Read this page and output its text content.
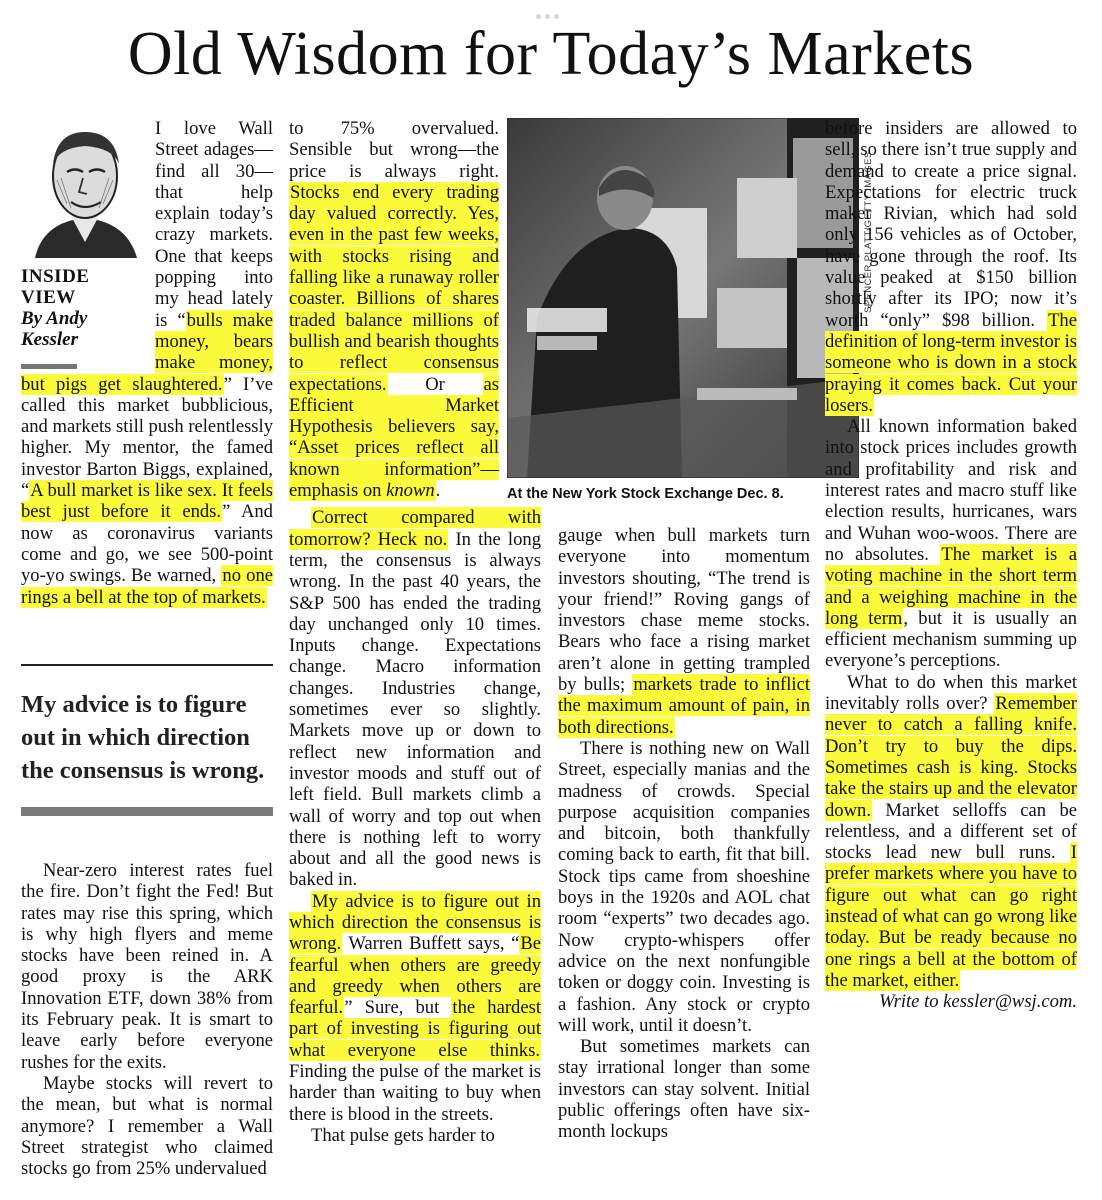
Old Wisdom for Today’s Markets
INSIDE
VIEW
By Andy
Kessler

I love Wall Street adages—find all 30—that help explain today’s crazy markets. One that keeps popping into my head lately is “bulls make money, bears make money, but pigs get slaughtered.” I’ve called this market bubblicious, and markets still push relentlessly higher. My mentor, the famed investor Barton Biggs, explained, “A bull market is like sex. It feels best just before it ends.” And now as coronavirus variants come and go, we see 500-point yo-yo swings. Be warned, no one rings a bell at the top of markets.

My advice is to figure out in which direction the consensus is wrong.

Near-zero interest rates fuel the fire. Don’t fight the Fed! But rates may rise this spring, which is why high flyers and meme stocks have been reined in. A good proxy is the ARK Innovation ETF, down 38% from its February peak. It is smart to leave early before everyone rushes for the exits.

Maybe stocks will revert to the mean, but what is normal anymore? I remember a Wall Street strategist who claimed stocks go from 25% undervalued

to 75% overvalued. Sensible but wrong—the price is always right. Stocks end every trading day valued correctly. Yes, even in the past few weeks, with stocks rising and falling like a runaway roller coaster. Billions of shares traded balance millions of bullish and bearish thoughts to reflect consensus expectations. Or as Efficient Market Hypothesis believers say, “Asset prices reflect all known information”—emphasis on known.

Correct compared with tomorrow? Heck no. In the long term, the consensus is always wrong. In the past 40 years, the S&P 500 has ended the trading day unchanged only 10 times. Inputs change. Expectations change. Macro information changes. Industries change, sometimes ever so slightly. Markets move up or down to reflect new information and investor moods and stuff out of left field. Bull markets climb a wall of worry and top out when there is nothing left to worry about and all the good news is baked in.

My advice is to figure out in which direction the consensus is wrong. Warren Buffett says, “Be fearful when others are greedy and greedy when others are fearful.” Sure, but the hardest part of investing is figuring out what everyone else thinks. Finding the pulse of the market is harder than waiting to buy when there is blood in the streets.

That pulse gets harder to

SPENCER PLATT/GETTY IMAGES
At the New York Stock Exchange Dec. 8.

gauge when bull markets turn everyone into momentum investors shouting, “The trend is your friend!” Roving gangs of investors chase meme stocks. Bears who face a rising market aren’t alone in getting trampled by bulls; markets trade to inflict the maximum amount of pain, in both directions.

There is nothing new on Wall Street, especially manias and the madness of crowds. Special purpose acquisition companies and bitcoin, both thankfully coming back to earth, fit that bill. Stock tips came from shoeshine boys in the 1920s and AOL chat room “experts” two decades ago. Now crypto-whispers offer advice on the next nonfungible token or doggy coin. Investing is a fashion. Any stock or crypto will work, until it doesn’t.

But sometimes markets can stay irrational longer than some investors can stay solvent. Initial public offerings often have six-month lockups

before insiders are allowed to sell, so there isn’t true supply and demand to create a price signal. Expectations for electric truck maker Rivian, which had sold only 156 vehicles as of October, have gone through the roof. Its value peaked at $150 billion shortly after its IPO; now it’s worth “only” $98 billion. The definition of long-term investor is someone who is down in a stock praying it comes back. Cut your losers.

All known information baked into stock prices includes growth and profitability and risk and interest rates and macro stuff like election results, hurricanes, wars and Wuhan woo-woos. There are no absolutes. The market is a voting machine in the short term and a weighing machine in the long term, but it is usually an efficient mechanism summing up everyone’s perceptions.

What to do when this market inevitably rolls over? Remember never to catch a falling knife. Don’t try to buy the dips. Sometimes cash is king. Stocks take the stairs up and the elevator down. Market selloffs can be relentless, and a different set of stocks lead new bull runs. I prefer markets where you have to figure out what can go right instead of what can go wrong like today. But be ready because no one rings a bell at the bottom of the market, either.

Write to kessler@wsj.com.
